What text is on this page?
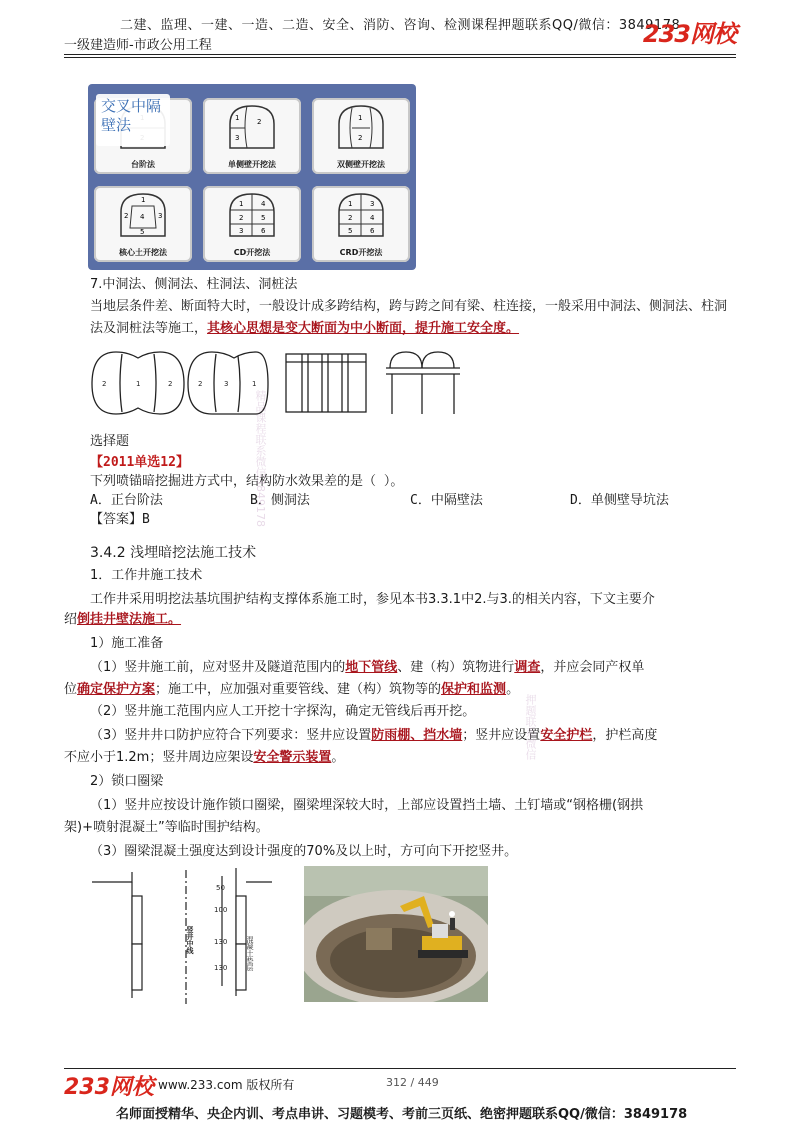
二建、监理、一建、一造、二造、安全、消防、咨询、检测课程押题联系QQ/微信：3849178
一级建造师-市政公用工程	233网校
台阶法
1	2
3
单侧壁开挖法
1
2
双侧壁开挖法
1
2 4 3
5
核心土开挖法
1	4
2	5
3	6
CD开挖法
1	3
2	4
5	6
CRD开挖法
交叉中隔壁法
7.中洞法、侧洞法、柱洞法、洞桩法
当地层条件差、断面特大时，一般设计成多跨结构，跨与跨之间有梁、柱连接，一般采用中洞法、侧洞法、柱洞法及洞桩法等施工，其核心思想是变大断面为中小断面，提升施工安全度。
2	1	2	2	3	1
选择题
【2011单选12】
下列喷锚暗挖掘进方式中，结构防水效果差的是（ ）。
A．正台阶法	B．侧洞法	C．中隔壁法	D．单侧壁导坑法
【答案】B
3.4.2 浅埋暗挖法施工技术
1．工作井施工技术
工作井采用明挖法基坑围护结构支撑体系施工时，参见本书3.3.1中2.与3.的相关内容，下文主要介
绍倒挂井壁法施工。
1）施工准备
（1）竖井施工前，应对竖井及隧道范围内的地下管线、建（构）筑物进行调查，并应会同产权单
位确定保护方案；施工中，应加强对重要管线、建（构）筑物等的保护和监测。
（2）竖井施工范围内应人工开挖十字探沟，确定无管线后再开挖。
（3）竖井井口防护应符合下列要求：竖井应设置防雨棚、挡水墙；竖井应设置安全护栏，护栏高度
不应小于1.2m；竖井周边应架设安全警示装置。
2）锁口圈梁
（1）竖井应按设计施作锁口圈梁，圈梁埋深较大时，上部应设置挡土墙、土钉墙或“钢格栅(钢拱
架)+喷射混凝土”等临时围护结构。
（3）圈梁混凝土强度达到设计强度的70%及以上时，方可向下开挖竖井。
50
100
130
130
竖井中线	混凝土垫层
精品课程联系微信3849178
押题联系微信
233网校 www.233.com 版权所有	312 / 449
名师面授精华、央企内训、考点串讲、习题模考、考前三页纸、绝密押题联系QQ/微信：3849178
